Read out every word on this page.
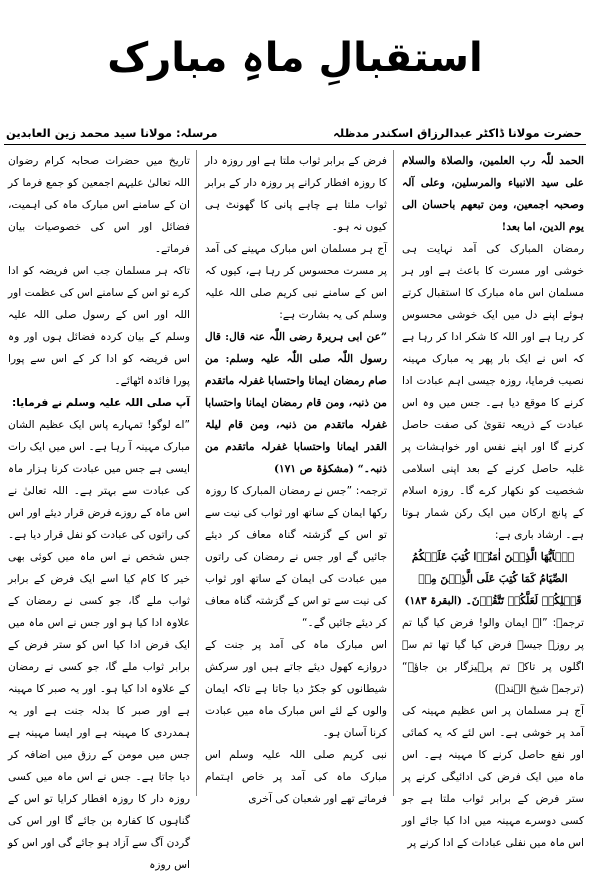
استقبالِ ماہِ مبارک
حضرت مولانا ڈاکٹر عبدالرزاق اسکندر مدظلہ
مرسلہ: مولانا سید محمد زین العابدین

الحمد للّٰہ رب العلمین، والصلاة والسلام علی سید الانبیاء والمرسلین، وعلی آلہ وصحبہ اجمعین، ومن تبعهم باحسان الی یوم الدین، اما بعد!

رمضان المبارک کی آمد نہایت ہی خوشی اور مسرت کا باعث ہے اور ہر مسلمان اس ماہ مبارک کا استقبال کرتے ہوئے اپنے دل میں ایک خوشی محسوس کر رہا ہے اور اللہ کا شکر ادا کر رہا ہے کہ اس نے ایک بار پھر یہ مبارک مہینہ نصیب فرمایا، روزہ جیسی اہم عبادت ادا کرنے کا موقع دیا ہے۔ جس میں وہ اس عبادت کے ذریعہ تقویٰ کی صفت حاصل کرنے گا اور اپنے نفس اور خواہشات پر غلبہ حاصل کرنے کے بعد اپنی اسلامی شخصیت کو نکھار کرے گا۔ روزہ اسلام کے پانچ ارکان میں ایک رکن شمار ہوتا ہے۔ ارشاد باری ہے:

یٰۤاَیُّهَا الَّذِیۡنَ اٰمَنُوۡا کُتِبَ عَلَیۡکُمُ الصِّیَامُ کَمَا کُتِبَ عَلَی الَّذِیۡنَ مِنۡ قَبۡلِکُمۡ لَعَلَّکُمۡ تَتَّقُوۡنَ۔ (البقرۃ ۱۸۳)

ترجمہ: ”اے ایمان والو! فرض کیا گیا تم پر روزہ جیسے فرض کیا گیا تھا تم سے اگلوں پر تاکہ تم پرہیزگار بن جاؤ۔“ (ترجمہ شیخ الہندؒ)

آج ہر مسلمان پر اس عظیم مہینہ کی آمد پر خوشی ہے۔ اس لئے کہ یہ کمائی اور نفع حاصل کرنے کا مہینہ ہے۔ اس ماہ میں ایک فرض کی ادائیگی کرنے پر ستر فرض کے برابر ثواب ملتا ہے جو کسی دوسرے مہینہ میں ادا کیا جائے اور اس ماہ میں نفلی عبادات کے ادا کرنے پر

فرض کے برابر ثواب ملتا ہے اور روزہ دار کا روزہ افطار کرانے پر روزہ دار کے برابر ثواب ملتا ہے چاہے پانی کا گھونٹ ہی کیوں نہ ہو۔

آج ہر مسلمان اس مبارک مہینے کی آمد پر مسرت محسوس کر رہا ہے، کیوں کہ اس کے سامنے نبی کریم صلی اللہ علیہ وسلم کی یہ بشارت ہے:

”عن ابی ہریرۃ رضی اللّٰہ عنہ قال: قال رسول اللّٰہ صلی اللّٰہ علیہ وسلم: من صام رمضان ایمانا واحتسابا غفرلہ ماتقدم من ذنبہ، ومن قام رمضان ایمانا واحتسابا غفرلہ ماتقدم من ذنبہ، ومن قام لیلۃ القدر ایمانا واحتسابا غفرلہ ماتقدم من ذنبہ۔“ (مشکوٰۃ ص ۱۷۱)

ترجمہ: ”جس نے رمضان المبارک کا روزہ رکھا ایمان کے ساتھ اور ثواب کی نیت سے تو اس کے گزشتہ گناہ معاف کر دیئے جائیں گے اور جس نے رمضان کی راتوں میں عبادت کی ایمان کے ساتھ اور ثواب کی نیت سے تو اس کے گزشتہ گناہ معاف کر دیئے جائیں گے۔“

اس مبارک ماہ کی آمد پر جنت کے دروازے کھول دیئے جاتے ہیں اور سرکش شیطانوں کو جکڑ دیا جاتا ہے تاکہ ایمان والوں کے لئے اس مبارک ماہ میں عبادت کرنا آسان ہو۔

نبی کریم صلی اللہ علیہ وسلم اس مبارک ماہ کی آمد پر خاص اہتمام فرماتے تھے اور شعبان کی آخری

تاریخ میں حضرات صحابہ کرام رضوان اللہ تعالیٰ علیہم اجمعین کو جمع فرما کر ان کے سامنے اس مبارک ماہ کی اہمیت، فضائل اور اس کی خصوصیات بیان فرماتے۔

تاکہ ہر مسلمان جب اس فریضہ کو ادا کرے تو اس کے سامنے اس کی عظمت اور اللہ اور اس کے رسول صلی اللہ علیہ وسلم کے بیان کردہ فضائل ہوں اور وہ اس فریضہ کو ادا کر کے اس سے پورا پورا فائدہ اٹھائے۔

آپ صلی اللہ علیہ وسلم نے فرمایا:

”اے لوگو! تمہارے پاس ایک عظیم الشان مبارک مہینہ آ رہا ہے۔ اس میں ایک رات ایسی ہے جس میں عبادت کرنا ہزار ماہ کی عبادت سے بہتر ہے۔ اللہ تعالیٰ نے اس ماہ کے روزے فرض قرار دیئے اور اس کی راتوں کی عبادت کو نفل قرار دیا ہے۔ جس شخص نے اس ماہ میں کوئی بھی خیر کا کام کیا اسے ایک فرض کے برابر ثواب ملے گا، جو کسی نے رمضان کے علاوہ ادا کیا ہو اور جس نے اس ماہ میں ایک فرض ادا کیا اس کو ستر فرض کے برابر ثواب ملے گا، جو کسی نے رمضان کے علاوہ ادا کیا ہو۔ اور یہ صبر کا مہینہ ہے اور صبر کا بدلہ جنت ہے اور یہ ہمدردی کا مہینہ ہے اور ایسا مہینہ ہے جس میں مومن کے رزق میں اضافہ کر دیا جاتا ہے۔ جس نے اس ماہ میں کسی روزہ دار کا روزہ افطار کرایا تو اس کے گناہوں کا کفارہ بن جائے گا اور اس کی گردن آگ سے آزاد ہو جائے گی اور اس کو اس روزہ
